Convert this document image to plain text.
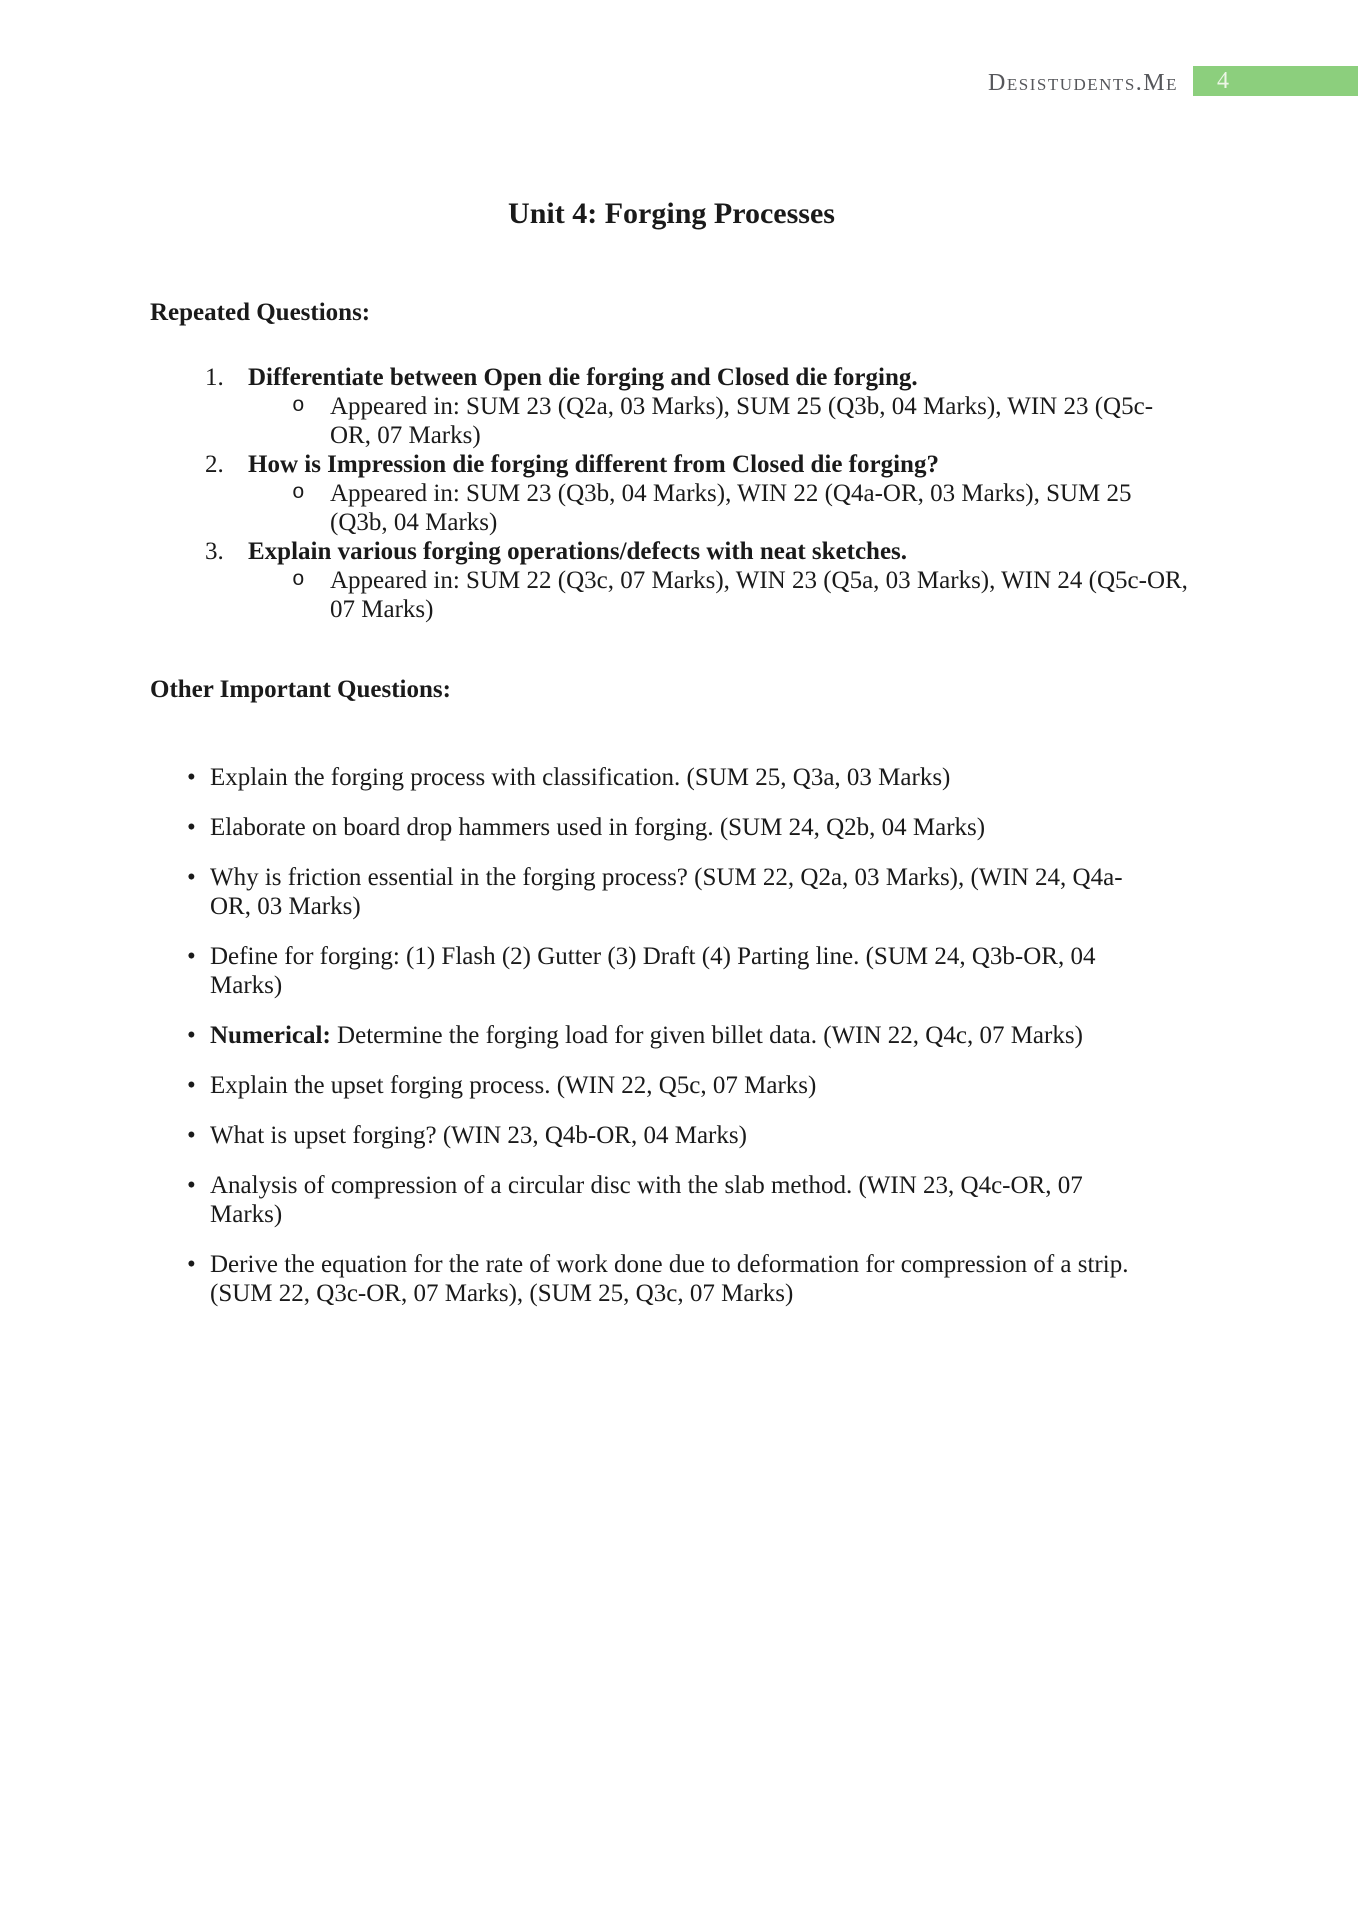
Desistudents.Me	4
Unit 4: Forging Processes
Repeated Questions:
1. Differentiate between Open die forging and Closed die forging.
o	Appeared in: SUM 23 (Q2a, 03 Marks), SUM 25 (Q3b, 04 Marks), WIN 23 (Q5c-OR, 07 Marks)
2. How is Impression die forging different from Closed die forging?
o	Appeared in: SUM 23 (Q3b, 04 Marks), WIN 22 (Q4a-OR, 03 Marks), SUM 25 (Q3b, 04 Marks)
3. Explain various forging operations/defects with neat sketches.
o	Appeared in: SUM 22 (Q3c, 07 Marks), WIN 23 (Q5a, 03 Marks), WIN 24 (Q5c-OR, 07 Marks)
Other Important Questions:
• Explain the forging process with classification. (SUM 25, Q3a, 03 Marks)
• Elaborate on board drop hammers used in forging. (SUM 24, Q2b, 04 Marks)
• Why is friction essential in the forging process? (SUM 22, Q2a, 03 Marks), (WIN 24, Q4a-OR, 03 Marks)
• Define for forging: (1) Flash (2) Gutter (3) Draft (4) Parting line. (SUM 24, Q3b-OR, 04 Marks)
• Numerical: Determine the forging load for given billet data. (WIN 22, Q4c, 07 Marks)
• Explain the upset forging process. (WIN 22, Q5c, 07 Marks)
• What is upset forging? (WIN 23, Q4b-OR, 04 Marks)
• Analysis of compression of a circular disc with the slab method. (WIN 23, Q4c-OR, 07 Marks)
• Derive the equation for the rate of work done due to deformation for compression of a strip. (SUM 22, Q3c-OR, 07 Marks), (SUM 25, Q3c, 07 Marks)
